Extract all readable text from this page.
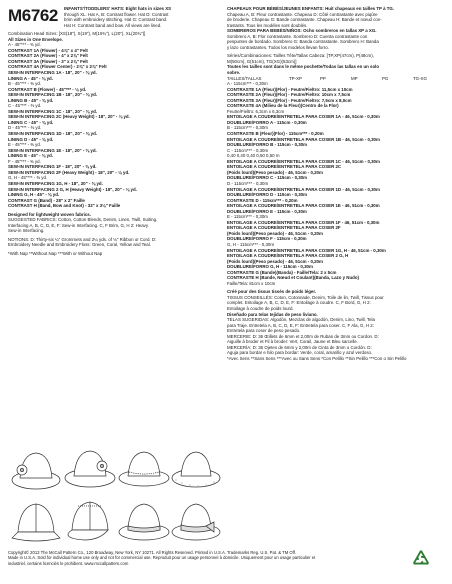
M6762 INFANTS'/TODDLERS' HATS: Eight hats in sizes XS
through XL. Hat A, B: Contrast flower. Hat D: Contrast
brim with embroidery stitching. Hat G: Contrast band.
Hat H: Contrast band and bow. All views are lined.
Combination Head Sizes: [XS(18"), S(19"), M(19¾"), L(20"), XL(20¾")]
All Sizes in One Envelope.
A - 45"*** - ⅜ yd.
CONTRAST 1A (Flower) - 4⅞" x 4" Felt
CONTRAST 2A (Flower) - 4" x 2⅞" Felt
CONTRAST 3A (Flower) - 3" x 2⅞" Felt
CONTRAST 4A (Flower Center) - 2⅞" x 2⅞" Felt
SEW-IN INTERFACING 1A - 18", 20" - ⅜ yd.
LINING A - 45" - ⅜ yd.
B - 45"*** - ⅜ yd.
CONTRAST B (Flower) - 45"*** - ⅛ yd.
SEW-IN INTERFACING 1B - 18", 20" - ⅜ yd.
LINING B - 45" - ⅜ yd.
C - 45"*** - ⅜ yd.
SEW-IN INTERFACING 1C - 18", 20" - ⅜ yd.
SEW-IN INTERFACING 2C (Heavy Weight) - 18", 20" - ⅛ yd.
LINING C - 45" - ⅜ yd.
D - 45"*** - ⅜ yd.
SEW-IN INTERFACING 1D - 18", 20" - ⅜ yd.
LINING D - 45" - ⅜ yd.
E - 45"*** - ⅜ yd.
SEW-IN INTERFACING 1E - 18", 20" - ⅜ yd.
LINING E - 45" - ⅜ yd.
F - 45"*** - ⅜ yd.
SEW-IN INTERFACING 1F - 18", 20" - ⅜ yd.
SEW-IN INTERFACING 2F (Heavy Weight) - 18", 20" - ⅛ yd.
G, H - 45"*** - ⅜ yd.
SEW-IN INTERFACING 1G, H - 18", 20" - ⅜ yd.
SEW-IN INTERFACING 2 G, H (Heavy Weight) - 18", 20" - ⅛ yd.
LINING G, H - 45" - ⅜ yd.
CONTRAST G (Band) - 28" x 2" Faille
CONTRAST H (Band, Bow and Knot) - 32" x 3⅛" Faille
Designed for lightweight woven fabrics.
SUGGESTED FABRICS: Cotton, Cotton Blends, Denim, Linen, Twill, Suiting.
Interfacing A, B, C, D, E, F: Sew-in Interfacing. C, F Brim, G, H 2: Heavy
Sew-in Interfacing.
NOTIONS: D: Thirty-six ¼" Grommets and 2¼ yds. of ⅛" Ribbon or Cord. D:
Embroidery Needle and Embroidery Floss: Green, Coral, Yellow and Teal.
*With Nap **Without Nap ***With or Without Nap
CHAPEAUX POUR BÉBÉS/JEUNES ENFANTS: Huit chapeaux en tailles TP à TG.
Chapeau A, B: Fleur contrastante. Chapeau D: Côté contrastante avec piqûre
de broderie. Chapeau G: Bande contrastante. Chapeau H: Bande et nœud con-
trastants. Tous les modèles sont doublés.
SOMBREROS PARA BEBÉS/NIÑOS: Ocho sombreros en tallas XP a XG.
Sombrero A, B: Flor contrastante. Sombrero D: Cuenta contrastante con
pespuntes de bordado. Sombrero G: Banda contrastante. Sombrero H: Banda
y lazo contrastantes. Todos los modelos llevan forro.
Séries/Combinaciones: Tailles Tête/Tallas Cabeza: [TP,XP(47cm), P(48cm),
M(50cm), G(51cm), TG(XG)(53cm)]
Toutes les tailles sont dans le même pochette/Todas las tallas en un solo
sobre.
TAILLES/TALLAS	TP-XP	PP	MP	PG	TG-XG
A - 115cm*** - 0,30m
CONTRASTE 1A (Fleur)(Flor) - Feutre/Fieltro: 11,5cm x 10cm
CONTRASTE 2A (Fleur)(Flor) - Feutre/Fieltro: 10cm x 7,5cm
CONTRASTE 3A (Fleur)(Flor) - Feutre/Fieltro: 7,5cm x 8,0cm
CONTRASTE 4A (Milieu de la Fleur)(Centro de la Flor)
Feutre/Fieltro: 6,3cm x 6,3cm
ENTOILAGE A COUDRE/ENTRETELA PARA COSER 1A - 46, 51cm - 0,30m
DOUBLURE/FORRO A - 115cm - 0,30m
B - 115cm*** - 0,30m
CONTRASTE B (Fleur)(Flor) - 115cm*** - 0,20m
ENTOILAGE A COUDRE/ENTRETELA PARA COSER 1B - 46, 51cm - 0,30m
DOUBLURE/FORRO B - 115cm - 0,30m
C - 115cm*** - 0,30m
0,40 0,40 0,40 0,50 0,50 m
ENTOILAGE A COUDRE/ENTRETELA PARA COSER 1C - 46, 51cm - 0,30m
ENTOILAGE A COUDRE/ENTRETELA PARA COSER 2C
(Poids lourd)(Peso pesado) - 46, 51cm - 0,20m
DOUBLURE/FORRO C - 115cm - 0,30m
D - 115cm*** - 0,30m
ENTOILAGE A COUDRE/ENTRETELA PARA COSER 1D - 46, 51cm - 0,30m
DOUBLURE/FORRO D - 115cm - 0,30m
CONTRASTE D - 115cm*** - 0,20m
ENTOILAGE A COUDRE/ENTRETELA PARA COSER 1E - 46, 51cm - 0,30m
DOUBLURE/FORRO E - 115cm - 0,30m
E - 115cm*** - 0,30m
ENTOILAGE A COUDRE/ENTRETELA PARA COSER 1F - 46, 51cm - 0,30m
ENTOILAGE A COUDRE/ENTRETELA PARA COSER 2F
(Poids lourd)(Peso pesado) - 46, 51cm - 0,20m
DOUBLURE/FORRO F - 115cm - 0,30m
G, H - 115cm*** - 0,30m
ENTOILAGE A COUDRE/ENTRETELA PARA COSER 1G, H - 46, 51cm - 0,30m
ENTOILAGE A COUDRE/ENTRETELA PARA COSER 2 G, H
(Poids lourd)(Peso pesado) - 46, 51cm - 0,20m
DOUBLURE/FORRO G, H - 115cm - 0,30m
CONTRASTE G (Bande)(Banda) - Faille/Tela: 2 x 5cm
CONTRASTE H (Bande, Nœud et Coulant)(Banda, Lazo y Nudo)
Faille/Tela: 81cm x 10cm
Créé pour des tissus tissés de poids léger.
TISSUS CONSEILLÉS: Coton, Cotonnade, Denim, Toile de lin, Twill, Tissus pour
complet. Entoilage A, B, C, D, E, F: Entoilage à coudre. C, F Bord, G, H 2:
Entoilage à coudre de poids lourd.
Diseñado para telas tejidas de peso liviano.
TELAS SUGERIDAS: Algodón, Mezclas de algodón, Denim, Lino, Twill, Tela
para Traje. Entretela A, B, C, D, E, F: Entretela para coser. C, F Ala, G, H 2:
Entretela para coser de peso pesado.
MERCERIE: D: 36 Œillets de 6mm et 2,00m de Ruban de 3mm ou Cordon. D:
Aiguille à broder et Fil à broder: Vert, Corail, Jaune et Bleu sarcelle.
MERCERÍA: D: 36 Ojetes de 6mm y 2,00m de Cinta de 3mm o Cordón. D:
Aguja para bordar e hilo para bordar: Verde, coral, amarillo y azul verdoso.
*Avec Sens **Sans Sens ***Avec ou Sans Sens *Con Pelillo **Sin Pelillo ***Con o Sin Pelillo
Copyright© 2013 The McCall Pattern Co., 120 Broadway, New York, NY 10271. All Rights Reserved. Printed in U.S.A. Trademarks Reg. U.S. Pat. & TM Off.
Made in U.S.A. Sold for individual home use only and not for commercial use. Reproduit pour un usage personnel à domicile. Uniquement pour un usage particulier et
industriel, certains licenciés le prohibent. www.mccallpattern.com
